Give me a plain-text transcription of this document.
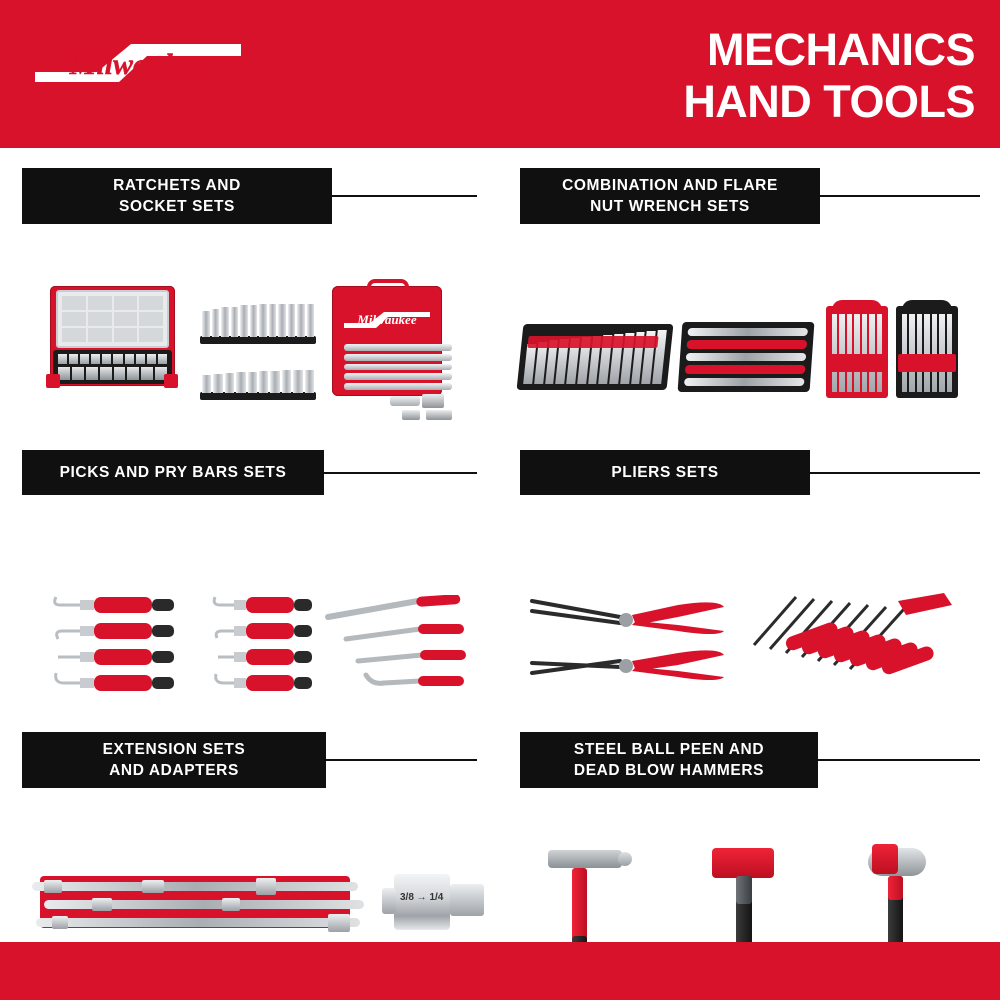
Milwaukee	MECHANICS
HAND TOOLS
RATCHETS AND
SOCKET SETS
Milwaukee
COMBINATION AND FLARE
NUT WRENCH SETS
PICKS AND PRY BARS SETS	PLIERS SETS
EXTENSION SETS
AND ADAPTERS
3/8 → 1/4
STEEL BALL PEEN AND
DEAD BLOW HAMMERS
